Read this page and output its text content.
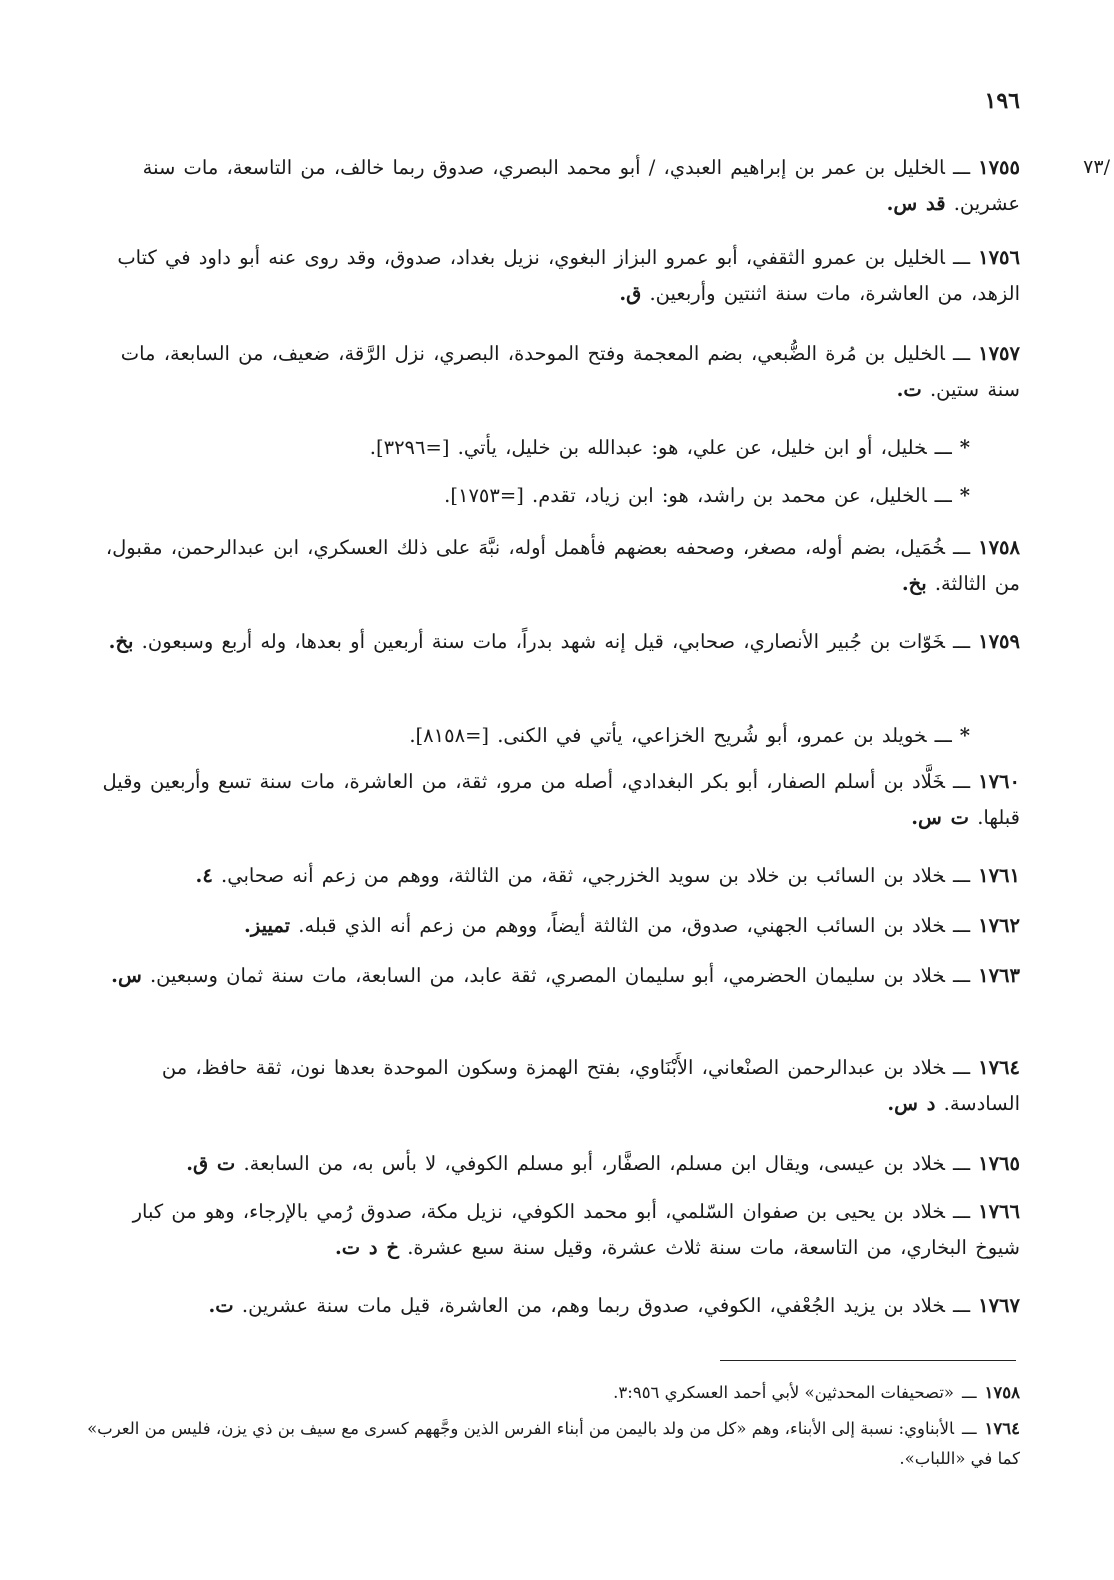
١٩٦
/٧٣
١٧٥٥ـــالخليل بن عمر بن إبراهيم العبدي، / أبو محمد البصري، صدوق ربما خالف، من التاسعة، مات سنة عشرين. قد س.
١٧٥٦ـــالخليل بن عمرو الثقفي، أبو عمرو البزاز البغوي، نزيل بغداد، صدوق، وقد روى عنه أبو داود في كتاب الزهد، من العاشرة، مات سنة اثنتين وأربعين. ق.
١٧٥٧ـــالخليل بن مُرة الضُّبعي، بضم المعجمة وفتح الموحدة، البصري، نزل الرَّقة، ضعيف، من السابعة، مات سنة ستين. ت.
*ـــخليل، أو ابن خليل، عن علي، هو: عبدالله بن خليل، يأتي. [=٣٢٩٦].
*ـــالخليل، عن محمد بن راشد، هو: ابن زياد، تقدم. [=١٧٥٣].
١٧٥٨ـــخُمَيل، بضم أوله، مصغر، وصحفه بعضهم فأهمل أوله، نبَّهَ على ذلك العسكري، ابن عبدالرحمن، مقبول، من الثالثة. بخ.
١٧٥٩ـــخَوّات بن جُبير الأنصاري، صحابي، قيل إنه شهد بدراً، مات سنة أربعين أو بعدها، وله أربع وسبعون. بخ.
*ـــخويلد بن عمرو، أبو شُريح الخزاعي، يأتي في الكنى. [=٨١٥٨].
١٧٦٠ـــخَلَّاد بن أسلم الصفار، أبو بكر البغدادي، أصله من مرو، ثقة، من العاشرة، مات سنة تسع وأربعين وقيل قبلها. ت س.
١٧٦١ـــخلاد بن السائب بن خلاد بن سويد الخزرجي، ثقة، من الثالثة، ووهم من زعم أنه صحابي. ٤.
١٧٦٢ـــخلاد بن السائب الجهني، صدوق، من الثالثة أيضاً، ووهم من زعم أنه الذي قبله. تمييز.
١٧٦٣ـــخلاد بن سليمان الحضرمي، أبو سليمان المصري، ثقة عابد، من السابعة، مات سنة ثمان وسبعين. س.
١٧٦٤ـــخلاد بن عبدالرحمن الصنْعاني، الأَبْنَاوي، بفتح الهمزة وسكون الموحدة بعدها نون، ثقة حافظ، من السادسة. د س.
١٧٦٥ـــخلاد بن عيسى، ويقال ابن مسلم، الصفَّار، أبو مسلم الكوفي، لا بأس به، من السابعة. ت ق.
١٧٦٦ـــخلاد بن يحيى بن صفوان السّلمي، أبو محمد الكوفي، نزيل مكة، صدوق رُمي بالإرجاء، وهو من كبار شيوخ البخاري، من التاسعة، مات سنة ثلاث عشرة، وقيل سنة سبع عشرة. خ د ت.
١٧٦٧ـــخلاد بن يزيد الجُعْفي، الكوفي، صدوق ربما وهم، من العاشرة، قيل مات سنة عشرين. ت.
١٧٥٨ـــ«تصحيفات المحدثين» لأبي أحمد العسكري ٣:٩٥٦.
١٧٦٤ـــالأبناوي: نسبة إلى الأبناء، وهم «كل من ولد باليمن من أبناء الفرس الذين وجَّههم كسرى مع سيف بن ذي يزن، فليس من العرب» كما في «اللباب».
